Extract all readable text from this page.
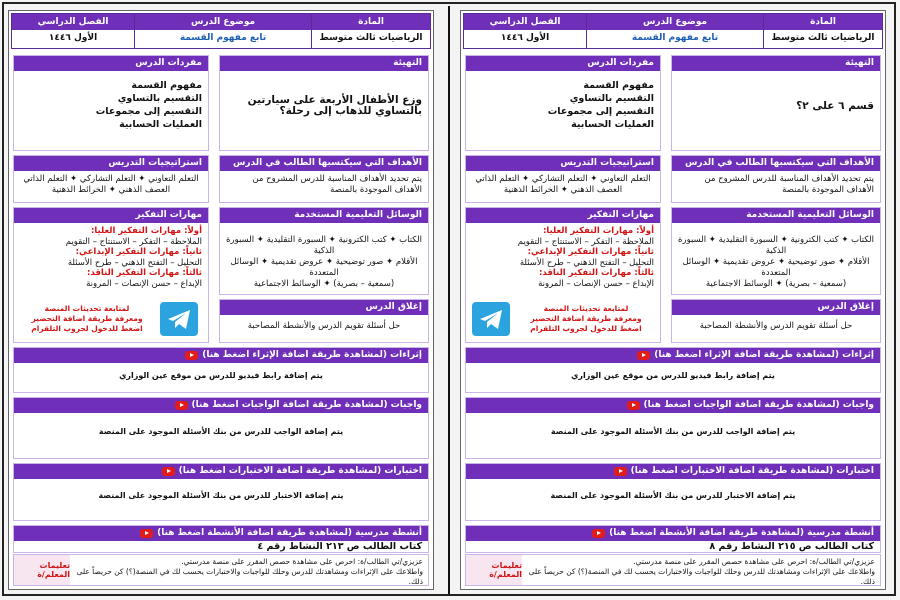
المادة
الرياضيات ثالث متوسط
موضوع الدرس
تابع مفهوم القسمة
الفصل الدراسي
الأول ١٤٤٦
التهيئة
قسم ٦ على ٢؟
مفردات الدرس
مفهوم القسمة
التقسيم بالتساوي
التقسيم إلى مجموعات
العمليات الحسابية
الأهداف التي سيكتسبها الطالب في الدرس
يتم تحديد الأهداف المناسبة للدرس المشروح من الأهداف الموجودة بالمنصة
استراتيجيات التدريس
التعلم التعاوني ✦ التعلم التشاركي ✦ التعلم الذاتي
العصف الذهني ✦ الخرائط الذهنية
الوسائل التعليمية المستخدمة
الكتاب ✦ كتب الكترونية ✦ السبورة التقليدية ✦ السبورة الذكية
الأقلام ✦ صور توضيحية ✦ عروض تقديمية ✦ الوسائل المتعددة
(سمعية – بصرية) ✦ الوسائط الاجتماعية
مهارات التفكير
أولاً: مهارات التفكير العليا:
الملاحظة – التفكر – الاستنتاج – التقويم
ثانياً: مهارات التفكير الإبداعي:
التحليل – التفتح الذهني – طرح الأسئلة
ثالثاً: مهارات التفكير الناقد:
الإبداع – حسن الإنصات – المرونة
لمتابعة تحديثات المنصة
ومعرفة طريقة اضافة التحضير
اضغط للدخول لجروب التلقرام
إغلاق الدرس
حل أسئلة تقويم الدرس والأنشطة المصاحبة
إثراءات (لمشاهدة طريقة اضافة الإثراء اضغط هنا)
يتم إضافة رابط فيديو للدرس من موقع عين الوزاري
واجبات (لمشاهدة طريقة اضافة الواجبات اضغط هنا)
يتم إضافة الواجب للدرس من بنك الأسئلة الموجود على المنصة
اختبارات (لمشاهدة طريقة اضافة الاختبارات اضغط هنا)
يتم إضافة الاختبار للدرس من بنك الأسئلة الموجود على المنصة
أنشطة مدرسية (لمشاهدة طريقة اضافة الأنشطة اضغط هنا)
كتاب الطالب ص ٢١٥ النشاط رقم ٨
عزيزي/تي الطالب/ة: احرص على مشاهدة حصص المقرر على منصة مدرستي.
واطلاعك على الإثراءات ومشاهدتك للدرس وحلك للواجبات والاختبارات يحسب لك في المنصة(؟) كن حريصاً على ذلك.
تعليمات المعلم/ة
المادة
الرياضيات ثالث متوسط
موضوع الدرس
تابع مفهوم القسمة
الفصل الدراسي
الأول ١٤٤٦
التهيئة
وزع الأطفال الأربعة على سيارتين بالتساوي للذهاب إلى رحلة؟
مفردات الدرس
مفهوم القسمة
التقسيم بالتساوي
التقسيم إلى مجموعات
العمليات الحسابية
الأهداف التي سيكتسبها الطالب في الدرس
يتم تحديد الأهداف المناسبة للدرس المشروح من الأهداف الموجودة بالمنصة
استراتيجيات التدريس
التعلم التعاوني ✦ التعلم التشاركي ✦ التعلم الذاتي
العصف الذهني ✦ الخرائط الذهنية
الوسائل التعليمية المستخدمة
الكتاب ✦ كتب الكترونية ✦ السبورة التقليدية ✦ السبورة الذكية
الأقلام ✦ صور توضيحية ✦ عروض تقديمية ✦ الوسائل المتعددة
(سمعية – بصرية) ✦ الوسائط الاجتماعية
مهارات التفكير
أولاً: مهارات التفكير العليا:
الملاحظة – التفكر – الاستنتاج – التقويم
ثانياً: مهارات التفكير الإبداعي:
التحليل – التفتح الذهني – طرح الأسئلة
ثالثاً: مهارات التفكير الناقد:
الإبداع – حسن الإنصات – المرونة
لمتابعة تحديثات المنصة
ومعرفة طريقة اضافة التحضير
اضغط للدخول لجروب التلقرام
إغلاق الدرس
حل أسئلة تقويم الدرس والأنشطة المصاحبة
إثراءات (لمشاهدة طريقة اضافة الإثراء اضغط هنا)
يتم إضافة رابط فيديو للدرس من موقع عين الوزاري
واجبات (لمشاهدة طريقة اضافة الواجبات اضغط هنا)
يتم إضافة الواجب للدرس من بنك الأسئلة الموجود على المنصة
اختبارات (لمشاهدة طريقة اضافة الاختبارات اضغط هنا)
يتم إضافة الاختبار للدرس من بنك الأسئلة الموجود على المنصة
أنشطة مدرسية (لمشاهدة طريقة اضافة الأنشطة اضغط هنا)
كتاب الطالب ص ٢١٣ النشاط رقم ٤
عزيزي/تي الطالب/ة: احرص على مشاهدة حصص المقرر على منصة مدرستي.
واطلاعك على الإثراءات ومشاهدتك للدرس وحلك للواجبات والاختبارات يحسب لك في المنصة(؟) كن حريصاً على ذلك.
تعليمات المعلم/ة
